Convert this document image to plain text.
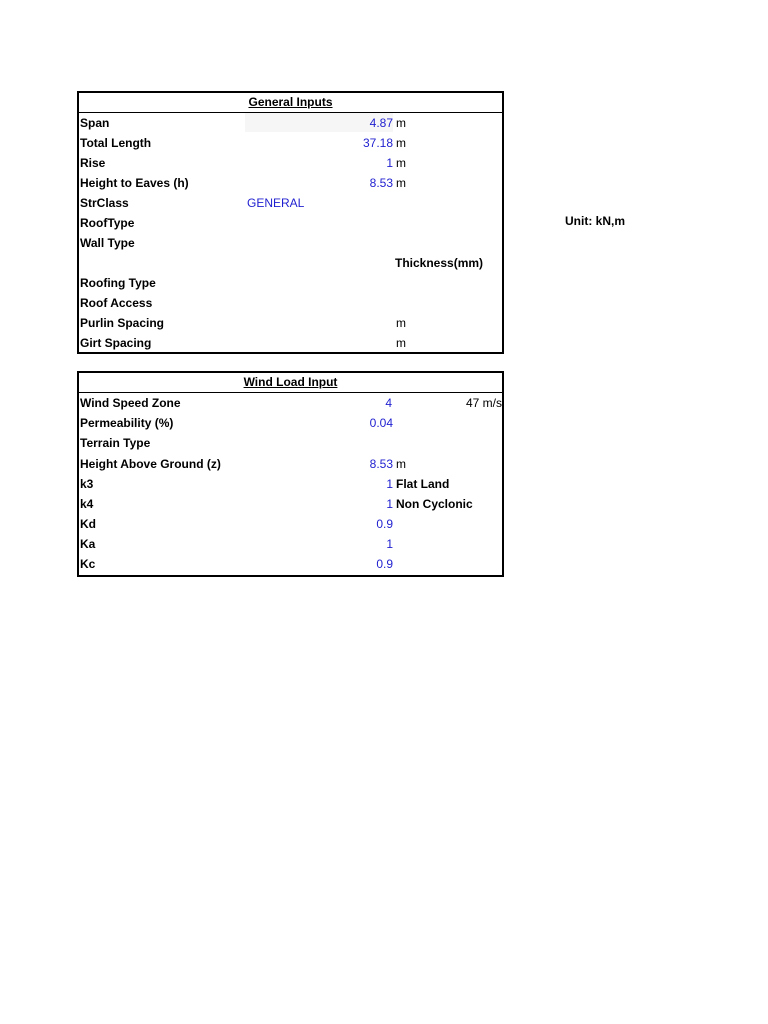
General Inputs
Span	4.87 m
Total Length	37.18 m
Rise	1 m
Height to Eaves (h)	8.53 m
StrClass	GENERAL
RoofType
Wall Type
Thickness(mm)
Roofing Type
Roof Access
Purlin Spacing	m
Girt Spacing	m
Unit: kN,m
Wind Load Input
Wind Speed Zone	4	47 m/s
Permeability (%)	0.04
Terrain Type
Height Above Ground (z)	8.53 m
k3	1 Flat Land
k4	1 Non Cyclonic
Kd	0.9
Ka	1
Kc	0.9
